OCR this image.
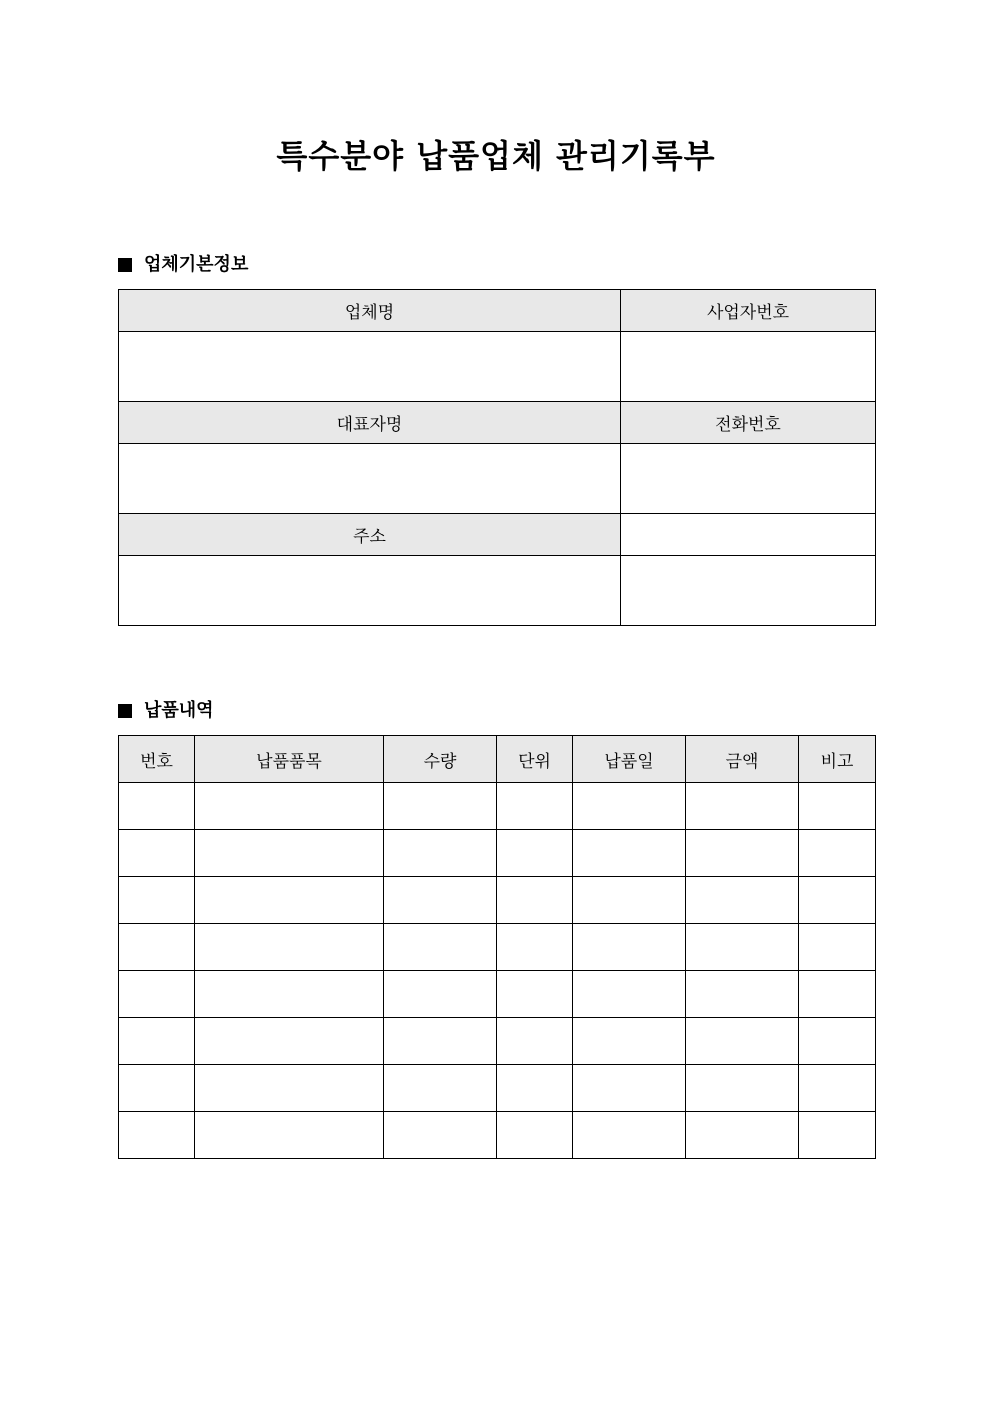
특수분야 납품업체 관리기록부
업체기본정보
업체명	사업자번호

대표자명	전화번호

주소	

납품내역
번호	납품품목	수량	단위	납품일	금액	비고
